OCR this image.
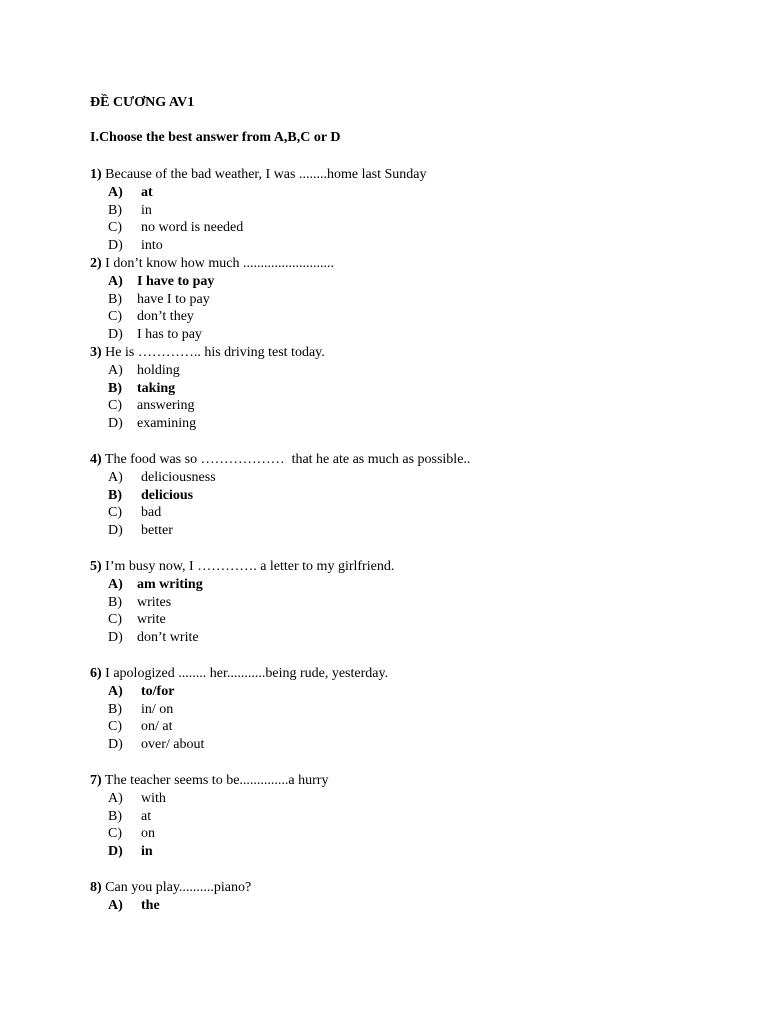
ĐỀ CƯƠNG AV1
I.Choose the best answer from A,B,C or D
1) Because of the bad weather, I was ........home last Sunday
A) at
B) in
C) no word is needed
D) into
2) I don’t know how much ..........................
A) I have to pay
B) have I to pay
C) don’t they
D) I has to pay
3) He is ………….. his driving test today.
A) holding
B) taking
C) answering
D) examining
4) The food was so ………………  that he ate as much as possible..
A) deliciousness
B) delicious
C) bad
D) better
5) I’m busy now, I …………. a letter to my girlfriend.
A) am writing
B) writes
C) write
D) don’t write
6) I apologized ........ her...........being rude, yesterday.
A) to/for
B) in/ on
C) on/ at
D) over/ about
7) The teacher seems to be..............a hurry
A) with
B) at
C) on
D) in
8) Can you play..........piano?
A) the
